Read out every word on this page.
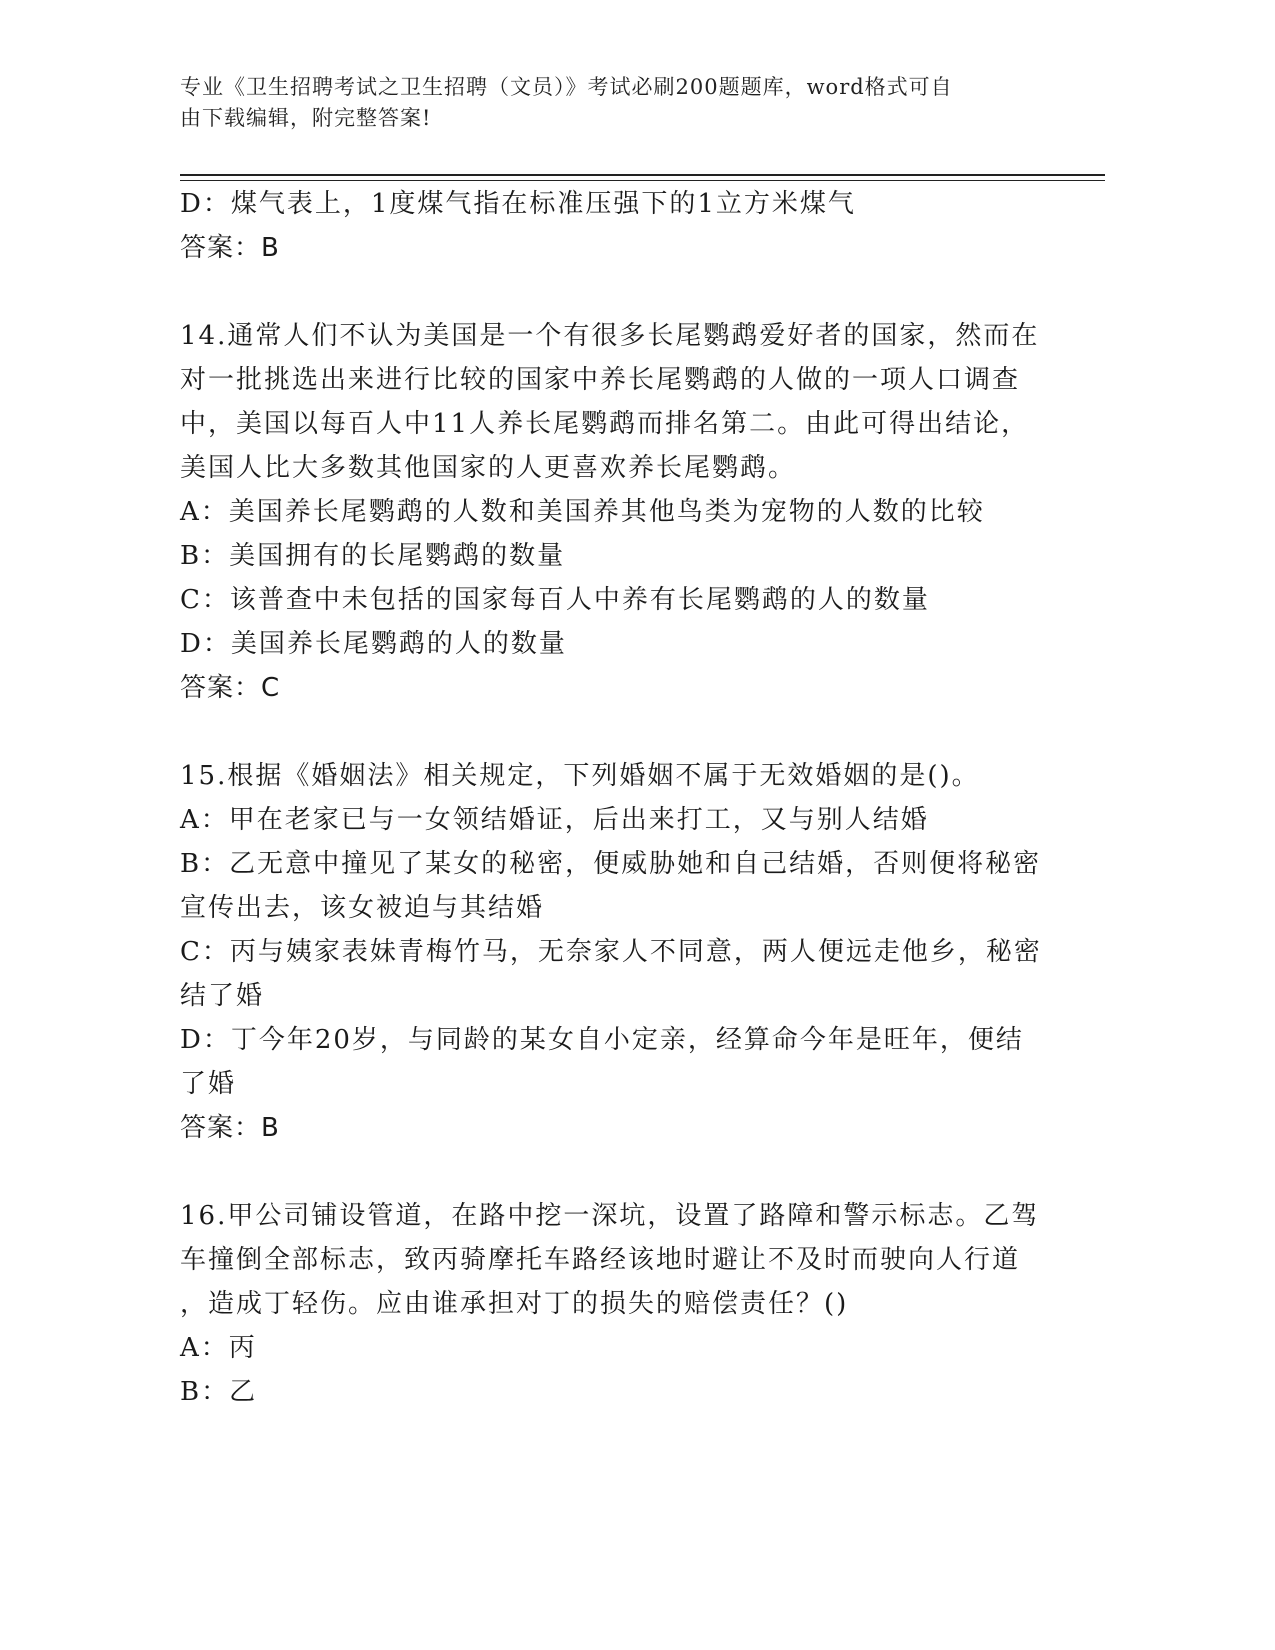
专业《卫生招聘考试之卫生招聘（文员）》考试必刷200题题库，word格式可自
由下载编辑，附完整答案!

D：煤气表上，1度煤气指在标准压强下的1立方米煤气

答案：B

14.通常人们不认为美国是一个有很多长尾鹦鹉爱好者的国家，然而在

对一批挑选出来进行比较的国家中养长尾鹦鹉的人做的一项人口调查

中，美国以每百人中11人养长尾鹦鹉而排名第二。由此可得出结论，

美国人比大多数其他国家的人更喜欢养长尾鹦鹉。

A：美国养长尾鹦鹉的人数和美国养其他鸟类为宠物的人数的比较

B：美国拥有的长尾鹦鹉的数量

C：该普查中未包括的国家每百人中养有长尾鹦鹉的人的数量

D：美国养长尾鹦鹉的人的数量

答案：C

15.根据《婚姻法》相关规定，下列婚姻不属于无效婚姻的是()。

A：甲在老家已与一女领结婚证，后出来打工，又与别人结婚

B：乙无意中撞见了某女的秘密，便威胁她和自己结婚，否则便将秘密

宣传出去，该女被迫与其结婚

C：丙与姨家表妹青梅竹马，无奈家人不同意，两人便远走他乡，秘密

结了婚

D：丁今年20岁，与同龄的某女自小定亲，经算命今年是旺年，便结

了婚

答案：B

16.甲公司铺设管道，在路中挖一深坑，设置了路障和警示标志。乙驾

车撞倒全部标志，致丙骑摩托车路经该地时避让不及时而驶向人行道

，造成丁轻伤。应由谁承担对丁的损失的赔偿责任？()

A：丙

B：乙
